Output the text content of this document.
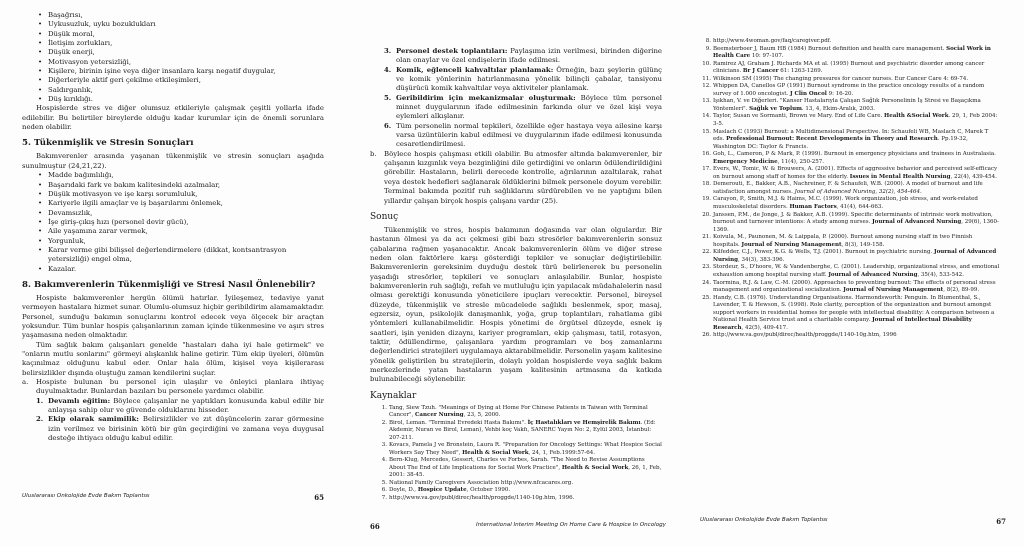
• Başağrısı,
• Uykusuzluk, uyku bozuklukları
• Düşük moral,
• İletişim zorlukları,
• Düşük enerji,
• Motivasyon yetersizliği,
• Kişilere, birinin işine veya diğer insanlara karşı negatif duygular,
• Diğerleriyle aktif geri çekilme etkileşimleri,
• Saldırganlık,
• Düş kırıklığı.

Hospislerde stres ve diğer olumsuz etkileriyle çalışmak çeşitli yollarla ifade edilebilir. Bu belirtiler bireylerde olduğu kadar kurumlar için de önemli sorunlara neden olabilir.

5. Tükenmişlik ve Stresin Sonuçları

Bakımverenler arasında yaşanan tükenmişlik ve stresin sonuçları aşağıda sunulmuştur (24,21,22).

• Madde bağımlılığı,
• Başarıdaki fark ve bakım kalitesindeki azalmalar,
• Düşük motivasyon ve işe karşı sorumluluk,
• Kariyerle ilgili amaçlar ve iş başarılarını önlemek,
• Devamsızlık,
• İşe giriş-çıkış hızı (personel devir gücü),
• Aile yaşamına zarar vermek,
• Yorgunluk,
• Karar verme gibi bilişsel değerlendirmelere (dikkat, kontsantrasyon yetersizliği) engel olma,
• Kazalar.
8. Bakımverenlerin Tükenmişliği ve Stresi Nasıl Önlenebilir?

Hospiste bakımverenler hergün ölümü hatırlar. İyileşemez, tedaviye yanıt vermeyen hastalara hizmet sunar. Olumlu-olumsuz hiçbir geribildirim alamamaktadır. Personel, sunduğu bakımın sonuçlarını kontrol edecek veya ölçecek bir araçtan yoksundur. Tüm bunlar hospis çalışanlarının zaman içinde tükenmesine ve aşırı stres yaşamasına neden olmaktadır.

Tüm sağlık bakım çalışanları genelde "hastaları daha iyi hale getirmek" ve "onların mutlu sonlarını" görmeyi alışkanlık haline getirir. Tüm ekip üyeleri, ölümün kaçınılmaz olduğunu kabul eder. Onlar hala ölüm, kişisel veya kişilerarası belirsizlikler dışında oluştuğu zaman kendilerini suçlar.

a. Hospiste bulunan bu personel için ulaşılır ve önleyici planlara ihtiyaç duyulmaktadır. Bunlardan bazıları bu personele yardımcı olabilir.
1. Devamlı eğitim: Böylece çalışanlar ne yaptıkları konusunda kabul edilir bir anlayışa sahip olur ve güvende olduklarını hisseder.
2. Ekip olarak samimilik: Belirsizlikler ve zıt düşüncelerin zarar görmesine izin verilmez ve birisinin kötü bir gün geçirdiğini ve zamana veya duygusal desteğe ihtiyacı olduğu kabul edilir.
Uluslararası Onkolojide Evde Bakım Toplantısı	65
3. Personel destek toplantıları: Paylaşıma izin verilmesi, birinden diğerine olan onaylar ve özel endişelerin ifade edilmesi.
4. Komik, eğlenceli kahvaltılar planlamak: Örneğin, bazı şeylerin gülünç ve komik yönlerinin hatırlanmasına yönelik bilinçli çabalar, tansiyonu düşürücü komik kahvaltılar veya aktiviteler planlamak.
5. Geribildirim için mekanizmalar oluşturmak: Böylece tüm personel minnet duygularının ifade edilmesinin farkında olur ve özel kişi veya eylemleri alkışlanır.
6. Tüm personelin normal tepkileri, özellikle eğer hastaya veya ailesine karşı varsa üzüntülerin kabul edilmesi ve duygularının ifade edilmesi konusunda cesaretlendirilmesi.
b. Böylece hospis çalışması etkili olabilir. Bu atmosfer altında bakımverenler, bir çalışanın kızgınlık veya bezginliğini dile getirdiğini ve onların ödülendirildiğini görebilir. Hastaların, belirli derecede kontrolle, ağrılarının azaltılarak, rahat veya destek hedefleri sağlanarak öldüklerini bilmek personele doyum verebilir. Terminal bakımda pozitif ruh sağlıklarını sürdürebilen ve ne yaptığını bilen yıllardır çalışan birçok hospis çalışanı vardır (25).
Sonuç

Tükenmişlik ve stres, hospis bakımının doğasında var olan olgulardır. Bir hastanın ölmesi ya da acı çekmesi gibi bazı stresörler bakımverenlerin sonsuz çabalarına rağmen yaşanacaktır. Ancak bakımverenlerin ölüm ve diğer strese neden olan faktörlere karşı gösterdiği tepkiler ve sonuçlar değiştirilebilir. Bakımverenlerin gereksinim duyduğu destek türü belirlenerek bu personelin yaşadığı stresörler, tepkileri ve sonuçları anlaşılabilir. Bunlar, hospiste bakımverenlerin ruh sağlığı, refah ve mutluluğu için yapılacak müdahalelerin nasıl olması gerektiği konusunda yöneticilere ipuçları verecektir. Personel, bireysel düzeyde, tükenmişlik ve stresle mücadelede sağlıklı beslenmek, spor, masaj, egzersiz, oyun, psikolojik danışmanlık, yoğa, grup toplantıları, rahatlama gibi yöntemleri kullanabilmelidir. Hospis yönetimi de örgütsel düzeyde, esnek iş saatleri, işin yeniden dizaynı, kariyer programları, ekip çalışması, tatil, rotasyon, taktir, ödüllendirme, çalışanlara yardım programları ve boş zamanlarını değerlendirici stratejileri uygulamaya aktarabilmelidir. Personelin yaşam kalitesine yönelik geliştirilen bu stratejilerin, dolaylı yoldan hospislerde veya sağlık bakım merkezlerinde yatan hastaların yaşam kalitesinin artmasına da katkıda bulunabileceği söylenebilir.

Kaynaklar
1. Tang, Siew Tzuh. "Meanings of Dying at Home For Chinese Patients in Taiwan with Terminal Cancer", Cancer Nursing, 23, 5, 2000.
2. Birol, Leman. "Terminal Evredeki Hasta Bakımı". İç Hastalıkları ve Hemşirelik Bakımı. (Ed: Akdemir, Nuran ve Birol, Leman), Vehbi koç Vakfı, SANERC Yayın No: 2, Eylül 2003, İstanbul: 207-211.
3. Kovacs, Pamela J ve Bronstein, Laura R. "Preparation for Oncology Settings: What Hospice Social Workers Say They Need", Health & Social Work, 24, 1, Feb.1999:57-64.
4. Bern-Klug, Mercedes, Gessert, Charles ve Forbes, Sarah. "The Need to Revise Assumptions About The End of Life Implications for Social Work Practice", Health & Social Work, 26, 1, Feb, 2001: 38-45.
5. National Family Caregivers Association http://www.nfcacares.org.
6. Doyle, D., Hospice Update, October 1990.
7. http://www.va.gov/publ/direc/health/proggde/1140-10g.htm, 1996.
66	International Interim Meeting On Home Care & Hospice In Oncology
8. http://www.4woman.gov/faq/caregiver.pdf.
9. Beemsterboer J, Baum HB (1984) Burnout definition and health care management. Social Work in Health Care 10: 97-107.
10. Ramirez AJ, Graham J. Richards MA et al. (1995) Burnout and psychiatric disorder among cancer clinicians. Br J Cancer 61: 1263-1269.
11. Wilkinson SM (1995) The changing pressures for cancer nurses. Eur Cancer Care 4: 69-74.
12. Whippen DA, Canellos GP (1991) Burnout syndrome in the practice oncology results of a random survey of 1.000 oncologist. J Clin Oncol 9: 16-20.
13. Işıkhan, V. ve Diğerleri. "Kanser Hastalarıyla Çalışan Sağlık Personelinin İş Stresi ve Başaçıkma Yöntemleri". Sağlık ve Toplum. 13, 4, Ekim-Aralık, 2003.
14. Taylor, Susan ve Sormanti, Brown ve Mary. End of Life Care. Health &Social Work. 29, 1, Feb 2004: 3-5.
15. Maslach C (1993) Burnout: a Multidimensional Perspective. In: Schaufeli WB, Maslach C, Marek T eds. Professional Burnout: Recent Developments in Theory and Research. Pp.19-32, Washington DC: Taylor & Francis.
16. Goh, L., Cameron, P & Mark, P. (1999). Burnout in emergency physicians and trainees in Australasia. Emergency Medicine, 11(4), 250-257.
17. Evers, W., Tomic, W. & Brouwers, A. (2001). Effects of aggressive behavior and perceived self-efficacy on burnout among staff of homes for the elderly. Issues in Mental Health Nursing, 22(4), 439-454.
18. Demerouti, E., Bakker, A.B., Nachreiner, F. & Schaufeli, W.B. (2000). A model of burnout and life satisfaction amongst nurses. Journal of Advanced Nursing, 32(2), 454-464.
19. Carayon, P., Smith, M.J. & Haims, M.C. (1999). Work organization, job stress, and work-related musculoskeletal disorders. Human Factors, 41(4), 644-663.
20. Janssen, P.M., de Jonge, J. & Bakker, A.B. (1999). Specific determinants of intrinsic work motivation, burnout and turnover intentions: A study among nurses. Journal of Advanced Nursing, 29(6), 1360-1369.
21. Koivula, M., Paunonen, M. & Laippala, P. (2000). Burnout among nursing staff in two Finnish hospitals. Journal of Nursing Management, 8(3), 149-158.
22. Kilfedder, C.J., Power, K.G. & Wells, T.J. (2001). Burnout in psychiatric nursing. Journal of Advanced Nursing, 34(3), 383-396.
23. Stordeur, S., D'hoore, W. & Vandenberghe, C. (2001). Leadership, organizational stress, and emotional exhaustion among hospital nursing staff. Journal of Advanced Nursing, 35(4), 533-542.
24. Taormina, R.J. & Law, C.-M. (2000). Approaches to preventing burnout: The effects of personal stress management and organizational socialization. Journal of Nursing Management, 8(2), 89-99.
25. Handy, C.B. (1976). Understanding Organisations. Harmondsworth: Penguin. In Blumenthal, S., Lavender, T. & Hewson, S. (1998). Role clarity, perception of the organization and burnout amongst support workers in residential homes for people with intellectual disability: A comparison between a National Health Service trust and a charitable company. Journal of Intellectual Disability Research, 42(5), 409-417.
26. http://www.va.gov/publ/direc/health/proggde/1140-10g.htm, 1996
Uluslararası Onkolojide Evde Bakım Toplantısı	67
